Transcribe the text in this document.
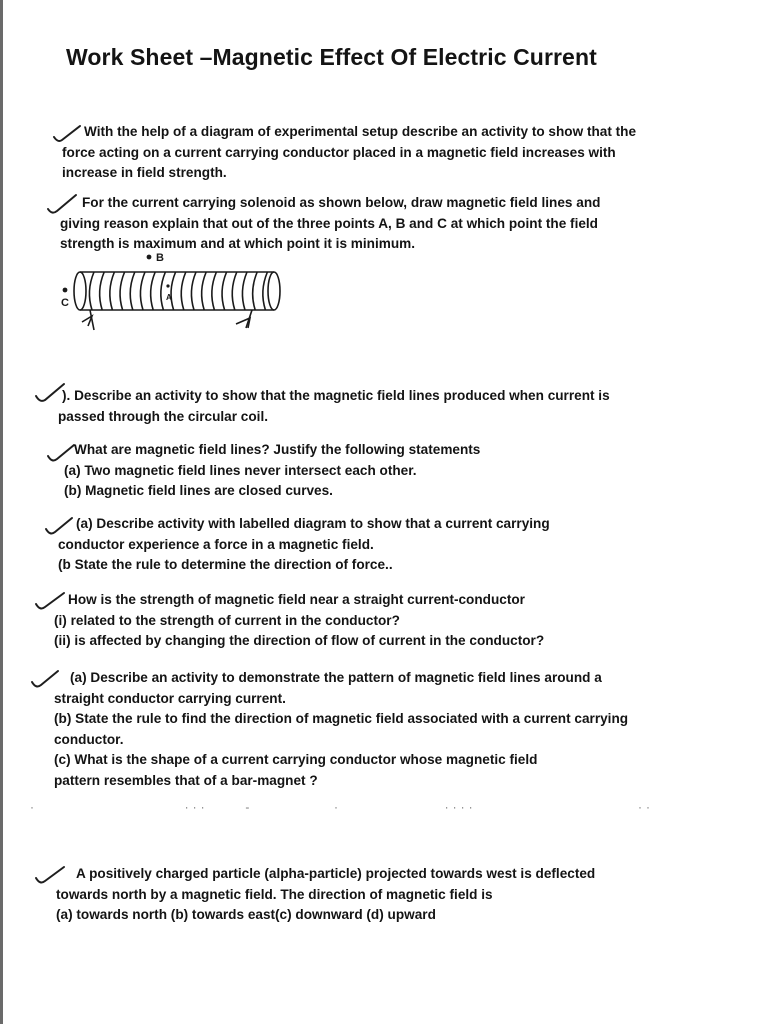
Work Sheet –Magnetic Effect Of Electric Current
With the help of a diagram of experimental setup describe an activity to show that the
force acting on a current carrying conductor placed in a magnetic field increases with
increase in field strength.
For the current carrying solenoid as shown below, draw magnetic field lines and
giving reason explain that out of the three points A, B and C at which point the field
strength is maximum and at which point it is minimum.
B
C	A
). Describe an activity to show that the magnetic field lines produced when current is
passed through the circular coil.
What are magnetic field lines? Justify the following statements
(a) Two magnetic field lines never intersect each other.
(b) Magnetic field lines are closed curves.
(a) Describe activity with labelled diagram to show that a current carrying
conductor experience a force in a magnetic field.
(b State the rule to determine the direction of force..
How is the strength of magnetic field near a straight current-conductor
(i) related to the strength of current in the conductor?
(ii) is affected by changing the direction of flow of current in the conductor?
(a) Describe an activity to demonstrate the pattern of magnetic field lines around a
straight conductor carrying current.
(b) State the rule to find the direction of magnetic field associated with a current carrying
conductor.
(c) What is the shape of a current carrying conductor whose magnetic field
pattern resembles that of a bar-magnet ?
·                    ···     -           ·              ····                      ··
A positively charged particle (alpha-particle) projected towards west is deflected
towards north by a magnetic field. The direction of magnetic field is
(a) towards north (b) towards east(c) downward (d) upward
